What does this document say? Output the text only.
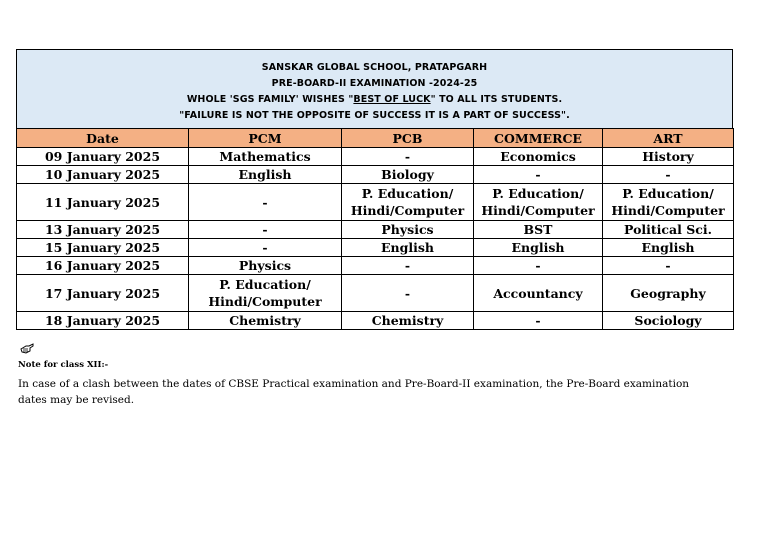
SANSKAR GLOBAL SCHOOL, PRATAPGARH
PRE-BOARD-II EXAMINATION -2024-25
WHOLE 'SGS FAMILY' WISHES "BEST OF LUCK" TO ALL ITS STUDENTS.
"FAILURE IS NOT THE OPPOSITE OF SUCCESS IT IS A PART OF SUCCESS".
Date	PCM	PCB	COMMERCE	ART
09 January 2025	Mathematics	-	Economics	History
10 January 2025	English	Biology	-	-
11 January 2025	-	P. Education/ Hindi/Computer	P. Education/ Hindi/Computer	P. Education/ Hindi/Computer
13 January 2025	-	Physics	BST	Political Sci.
15 January 2025	-	English	English	English
16 January 2025	Physics	-	-	-
17 January 2025	P. Education/ Hindi/Computer	-	Accountancy	Geography
18 January 2025	Chemistry	Chemistry	-	Sociology
Note for class XII:-
In case of a clash between the dates of CBSE Practical examination and Pre-Board-II examination, the Pre-Board examination dates may be revised.
